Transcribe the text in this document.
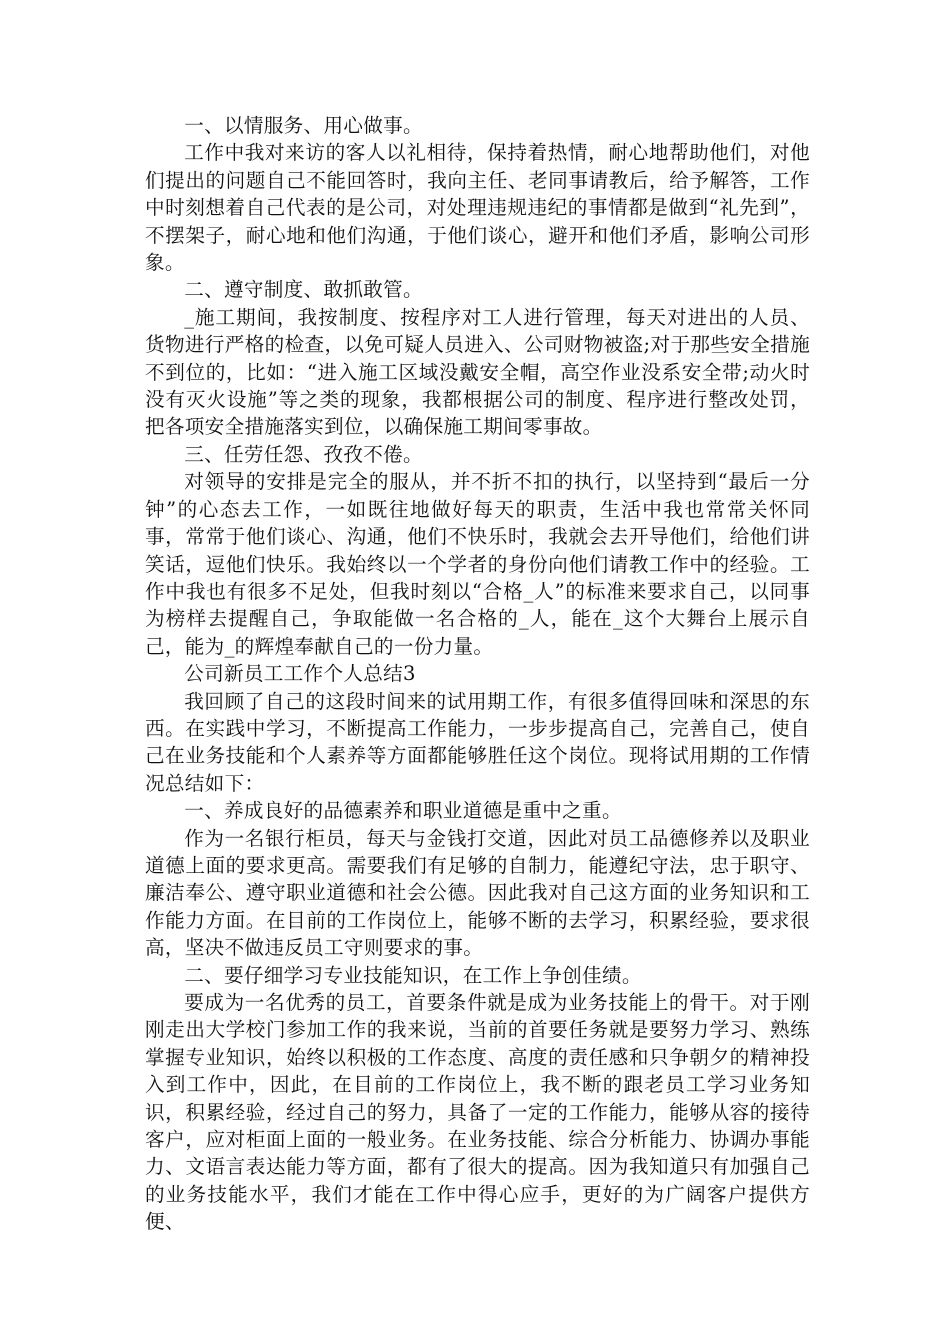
一、以情服务、用心做事。

工作中我对来访的客人以礼相待，保持着热情，耐心地帮助他们，对他们提出的问题自己不能回答时，我向主任、老同事请教后，给予解答，工作中时刻想着自己代表的是公司，对处理违规违纪的事情都是做到“礼先到”，不摆架子，耐心地和他们沟通，于他们谈心，避开和他们矛盾，影响公司形象。

二、遵守制度、敢抓敢管。

_施工期间，我按制度、按程序对工人进行管理，每天对进出的人员、货物进行严格的检查，以免可疑人员进入、公司财物被盗;对于那些安全措施不到位的，比如：“进入施工区域没戴安全帽，高空作业没系安全带;动火时没有灭火设施”等之类的现象，我都根据公司的制度、程序进行整改处罚，把各项安全措施落实到位，以确保施工期间零事故。

三、任劳任怨、孜孜不倦。

对领导的安排是完全的服从，并不折不扣的执行，以坚持到“最后一分钟”的心态去工作，一如既往地做好每天的职责，生活中我也常常关怀同事，常常于他们谈心、沟通，他们不快乐时，我就会去开导他们，给他们讲笑话，逗他们快乐。我始终以一个学者的身份向他们请教工作中的经验。工作中我也有很多不足处，但我时刻以“合格_人”的标准来要求自己，以同事为榜样去提醒自己，争取能做一名合格的_人，能在_这个大舞台上展示自己，能为_的辉煌奉献自己的一份力量。

公司新员工工作个人总结3

我回顾了自己的这段时间来的试用期工作，有很多值得回味和深思的东西。在实践中学习，不断提高工作能力，一步步提高自己，完善自己，使自己在业务技能和个人素养等方面都能够胜任这个岗位。现将试用期的工作情况总结如下：

一、养成良好的品德素养和职业道德是重中之重。

作为一名银行柜员，每天与金钱打交道，因此对员工品德修养以及职业道德上面的要求更高。需要我们有足够的自制力，能遵纪守法，忠于职守、廉洁奉公、遵守职业道德和社会公德。因此我对自己这方面的业务知识和工作能力方面。在目前的工作岗位上，能够不断的去学习，积累经验，要求很高，坚决不做违反员工守则要求的事。

二、要仔细学习专业技能知识，在工作上争创佳绩。

要成为一名优秀的员工，首要条件就是成为业务技能上的骨干。对于刚刚走出大学校门参加工作的我来说，当前的首要任务就是要努力学习、熟练掌握专业知识，始终以积极的工作态度、高度的责任感和只争朝夕的精神投入到工作中，因此，在目前的工作岗位上，我不断的跟老员工学习业务知识，积累经验，经过自己的努力，具备了一定的工作能力，能够从容的接待客户，应对柜面上面的一般业务。在业务技能、综合分析能力、协调办事能力、文语言表达能力等方面，都有了很大的提高。因为我知道只有加强自己的业务技能水平，我们才能在工作中得心应手，更好的为广阔客户提供方便、
